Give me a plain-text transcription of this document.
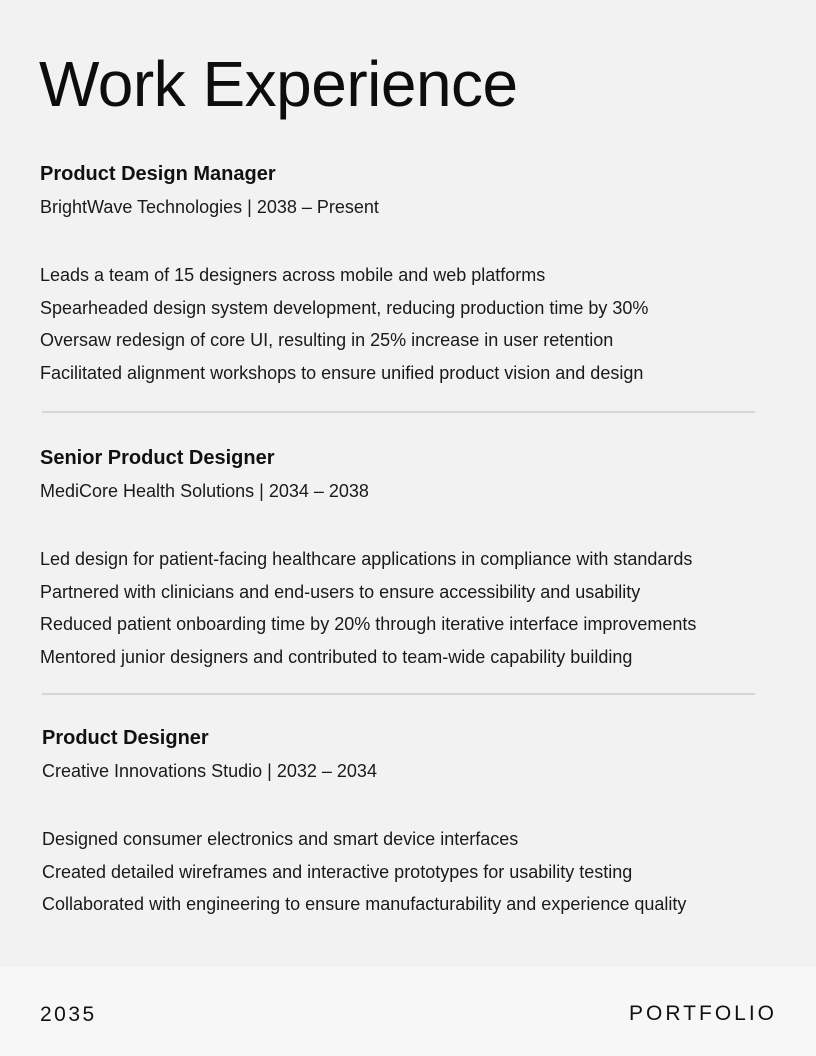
Work Experience
Product Design Manager
BrightWave Technologies | 2038 – Present
Leads a team of 15 designers across mobile and web platforms
Spearheaded design system development, reducing production time by 30%
Oversaw redesign of core UI, resulting in 25% increase in user retention
Facilitated alignment workshops to ensure unified product vision and design
Senior Product Designer
MediCore Health Solutions | 2034 – 2038
Led design for patient-facing healthcare applications in compliance with standards
Partnered with clinicians and end-users to ensure accessibility and usability
Reduced patient onboarding time by 20% through iterative interface improvements
Mentored junior designers and contributed to team-wide capability building
Product Designer
Creative Innovations Studio | 2032 – 2034
Designed consumer electronics and smart device interfaces
Created detailed wireframes and interactive prototypes for usability testing
Collaborated with engineering to ensure manufacturability and experience quality
2035	PORTFOLIO
